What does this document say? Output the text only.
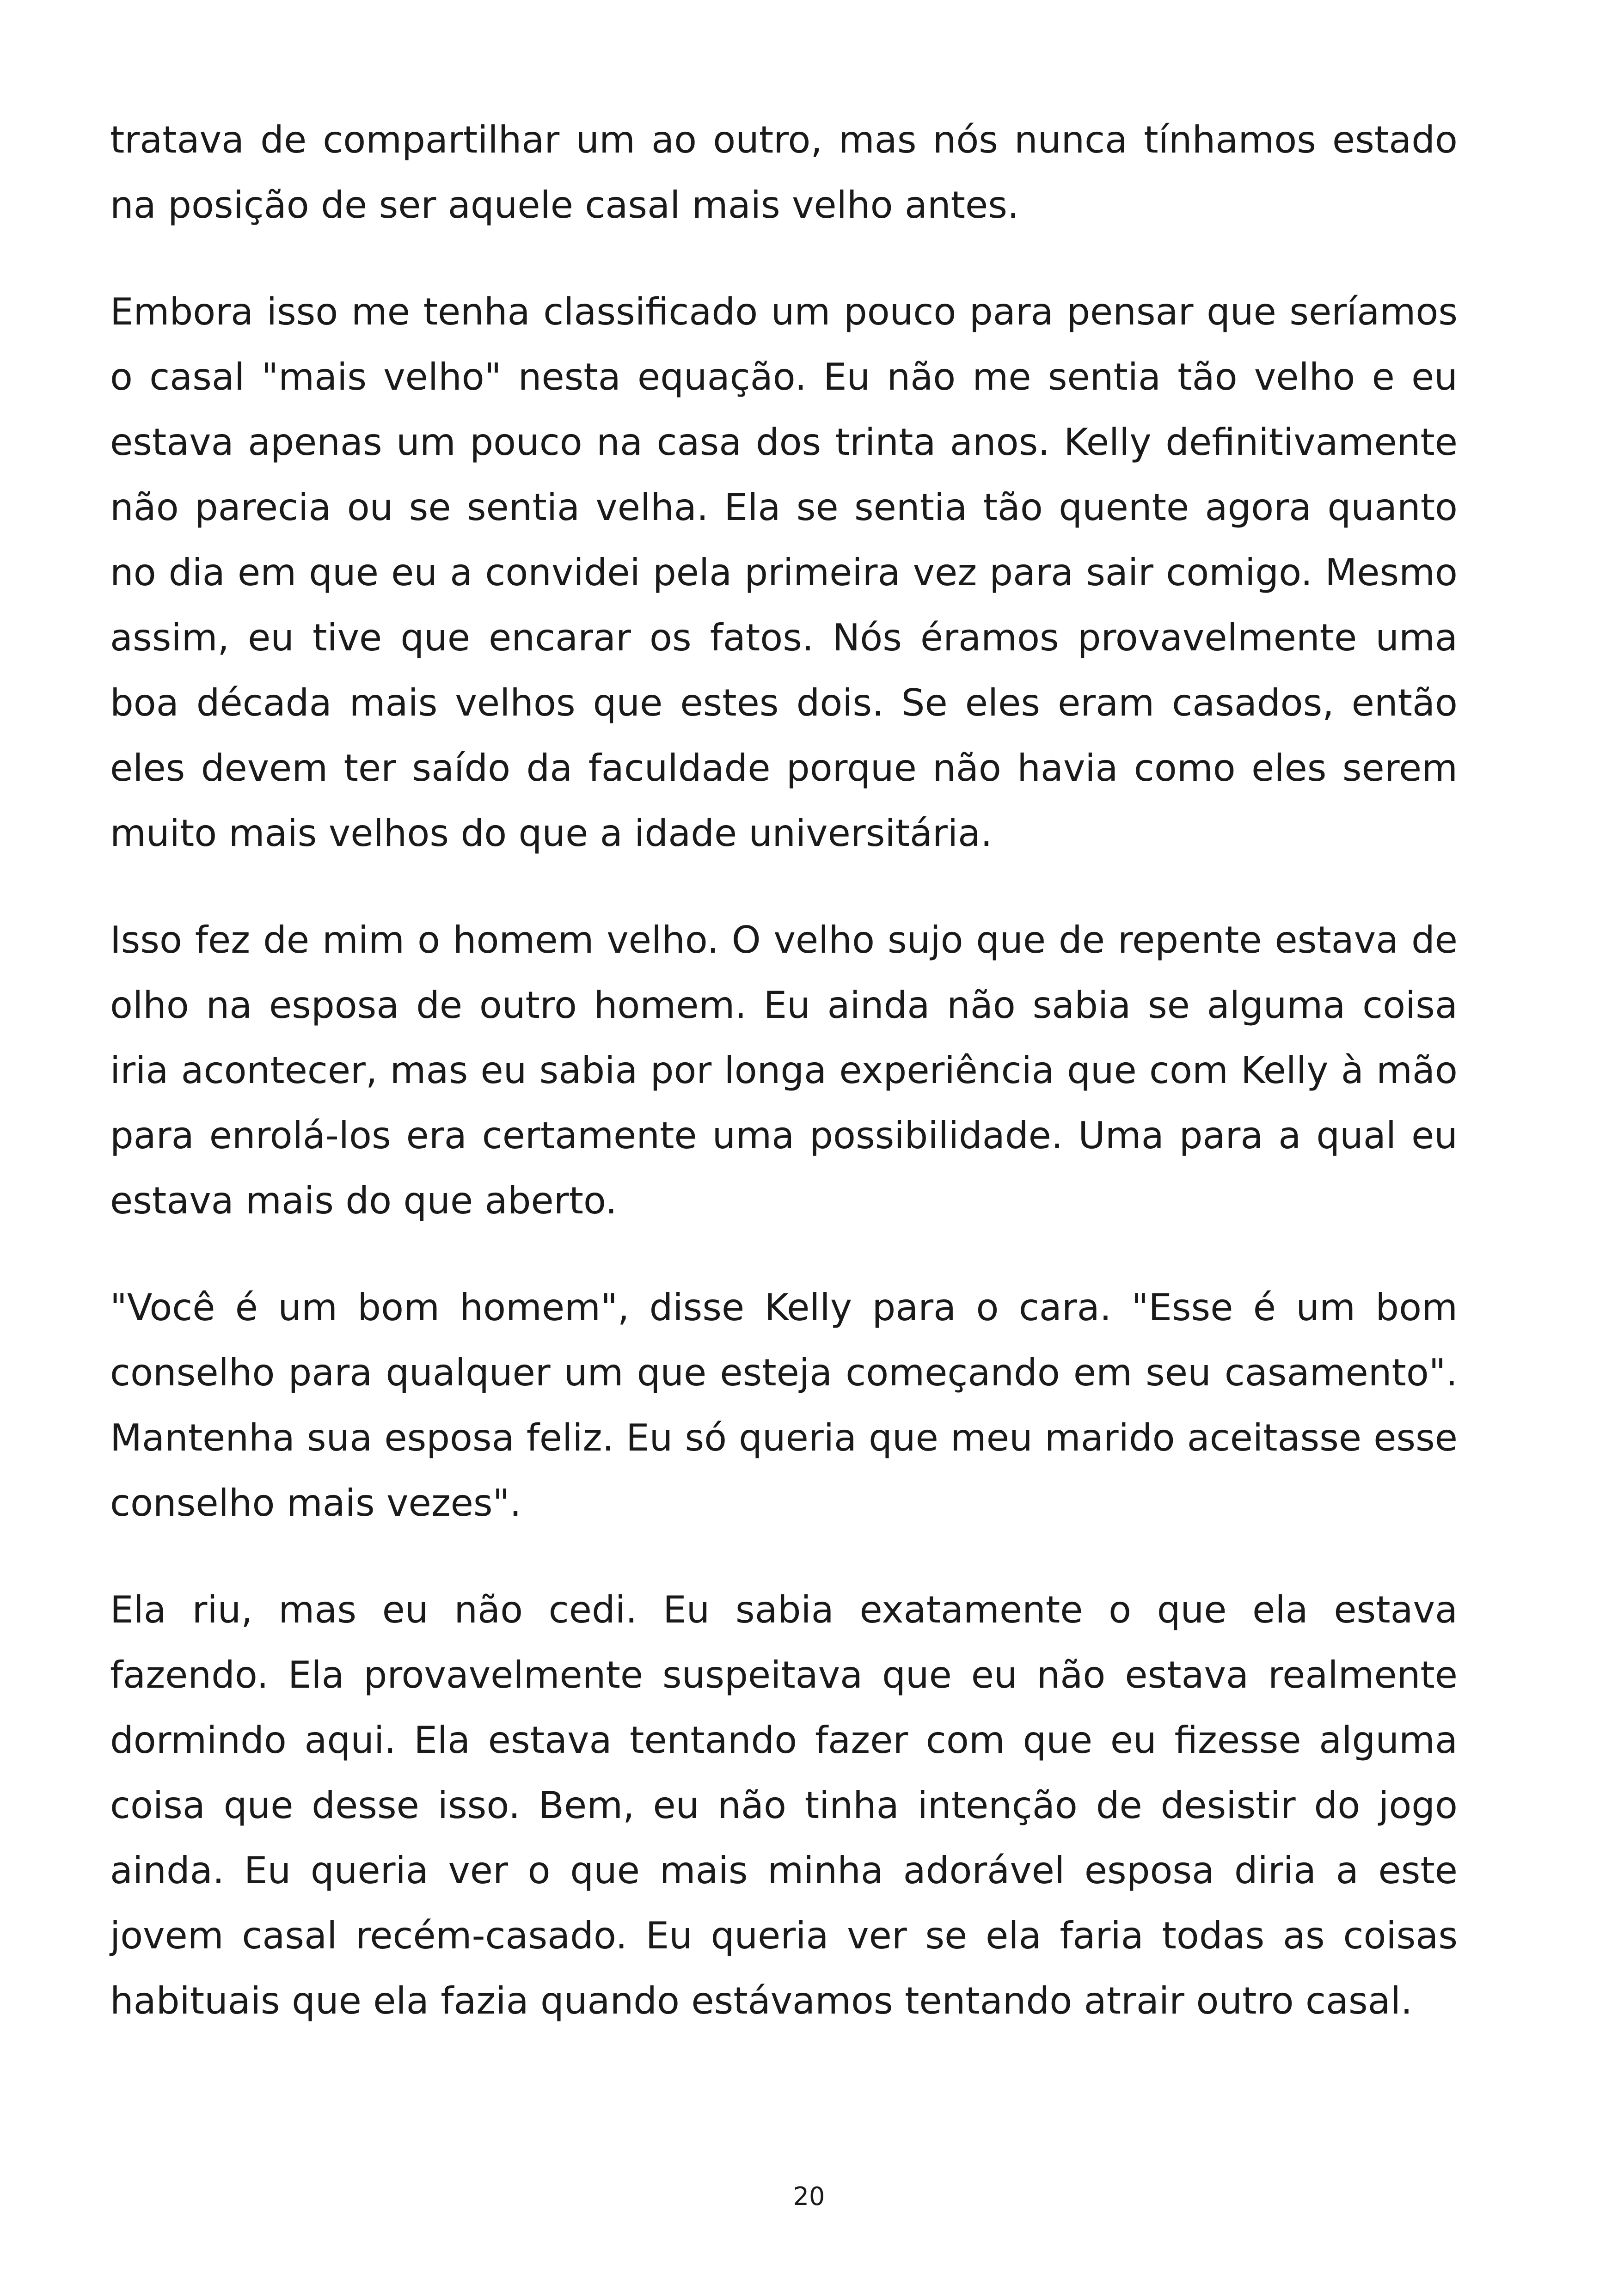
tratava de compartilhar um ao outro, mas nós nunca tínhamos estado na posição de ser aquele casal mais velho antes.

Embora isso me tenha classificado um pouco para pensar que seríamos o casal "mais velho" nesta equação. Eu não me sentia tão velho e eu estava apenas um pouco na casa dos trinta anos. Kelly definitivamente não parecia ou se sentia velha. Ela se sentia tão quente agora quanto no dia em que eu a convidei pela primeira vez para sair comigo. Mesmo assim, eu tive que encarar os fatos. Nós éramos provavelmente uma boa década mais velhos que estes dois. Se eles eram casados, então eles devem ter saído da faculdade porque não havia como eles serem muito mais velhos do que a idade universitária.

Isso fez de mim o homem velho. O velho sujo que de repente estava de olho na esposa de outro homem. Eu ainda não sabia se alguma coisa iria acontecer, mas eu sabia por longa experiência que com Kelly à mão para enrolá-los era certamente uma possibilidade. Uma para a qual eu estava mais do que aberto.

"Você é um bom homem", disse Kelly para o cara. "Esse é um bom conselho para qualquer um que esteja começando em seu casamento". Mantenha sua esposa feliz. Eu só queria que meu marido aceitasse esse conselho mais vezes".

Ela riu, mas eu não cedi. Eu sabia exatamente o que ela estava fazendo. Ela provavelmente suspeitava que eu não estava realmente dormindo aqui. Ela estava tentando fazer com que eu fizesse alguma coisa que desse isso. Bem, eu não tinha intenção de desistir do jogo ainda. Eu queria ver o que mais minha adorável esposa diria a este jovem casal recém-casado. Eu queria ver se ela faria todas as coisas habituais que ela fazia quando estávamos tentando atrair outro casal.

20
